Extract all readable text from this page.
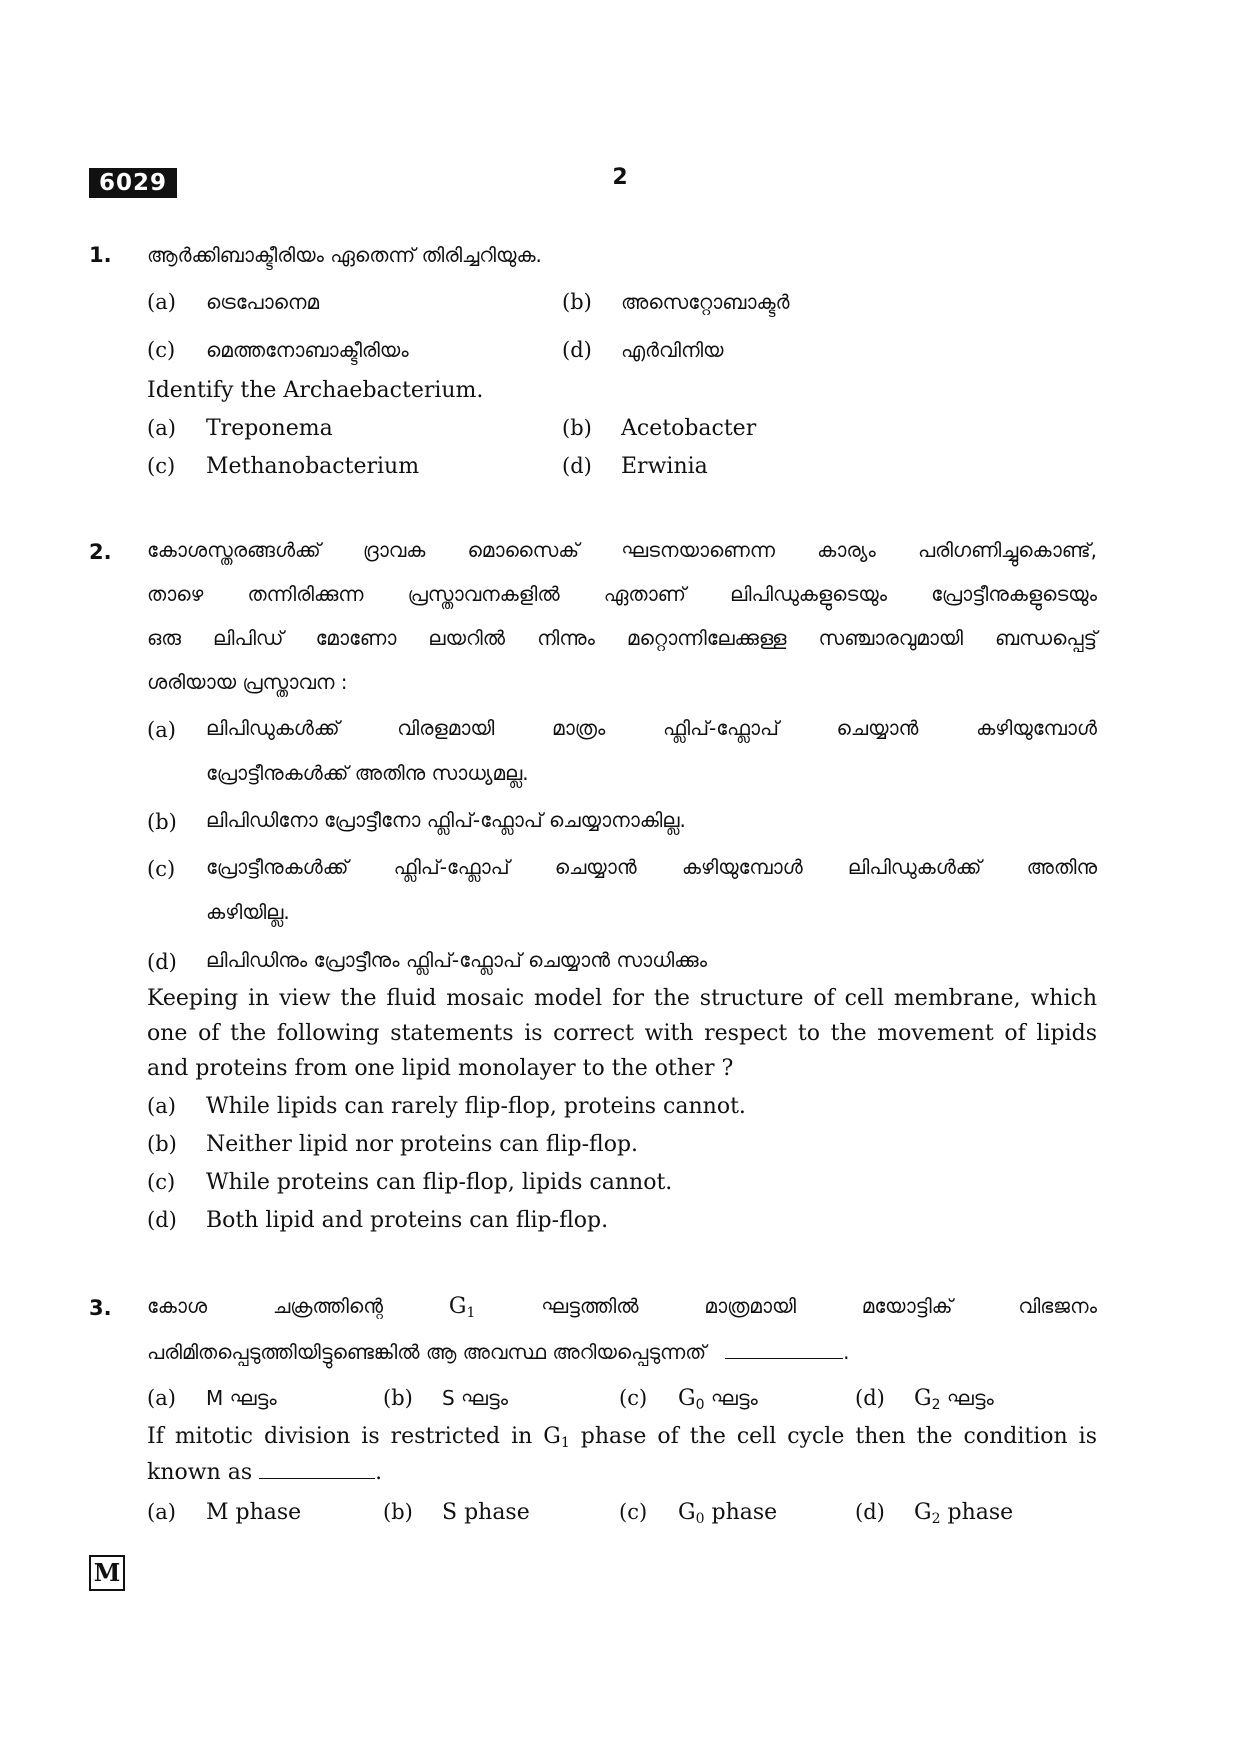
6029	2
1. ആർക്കിബാക്ടീരിയം ഏതെന്ന് തിരിച്ചറിയുക.
(a) ട്രെപോനെമ	(b) അസെറ്റോബാക്ടർ
(c) മെത്തനോബാക്ടീരിയം	(d) എർവിനിയ
Identify the Archaebacterium.
(a) Treponema	(b) Acetobacter
(c) Methanobacterium	(d) Erwinia
2. കോശസ്തരങ്ങൾക്ക് ദ്രാവക മൊസൈക് ഘടനയാണെന്ന കാര്യം പരിഗണിച്ചുകൊണ്ട്,
താഴെ തന്നിരിക്കുന്ന പ്രസ്താവനകളിൽ ഏതാണ് ലിപിഡുകളുടെയും പ്രോട്ടീനുകളുടെയും
ഒരു ലിപിഡ് മോണോ ലയറിൽ നിന്നും മറ്റൊന്നിലേക്കുള്ള സഞ്ചാരവുമായി ബന്ധപ്പെട്ട്
ശരിയായ പ്രസ്താവന :
(a) ലിപിഡുകൾക്ക് വിരളമായി മാത്രം ഫ്ലിപ്-ഫ്ലോപ് ചെയ്യാൻ കഴിയുമ്പോൾ
പ്രോട്ടീനുകൾക്ക് അതിനു സാധ്യമല്ല.
(b) ലിപിഡിനോ പ്രോട്ടീനോ ഫ്ലിപ്-ഫ്ലോപ് ചെയ്യാനാകില്ല.
(c) പ്രോട്ടീനുകൾക്ക് ഫ്ലിപ്-ഫ്ലോപ് ചെയ്യാൻ കഴിയുമ്പോൾ ലിപിഡുകൾക്ക് അതിനു
കഴിയില്ല.
(d) ലിപിഡിനും പ്രോട്ടീനും ഫ്ലിപ്-ഫ്ലോപ് ചെയ്യാൻ സാധിക്കും
Keeping in view the fluid mosaic model for the structure of cell membrane, which
one of the following statements is correct with respect to the movement of lipids
and proteins from one lipid monolayer to the other ?
(a) While lipids can rarely flip-flop, proteins cannot.
(b) Neither lipid nor proteins can flip-flop.
(c) While proteins can flip-flop, lipids cannot.
(d) Both lipid and proteins can flip-flop.
3. കോശ	ചക്രത്തിന്റെ	$G_1$	ഘട്ടത്തിൽ	മാത്രമായി	മയോട്ടിക്	വിഭജനം
പരിമിതപ്പെടുത്തിയിട്ടുണ്ടെങ്കിൽ ആ അവസ്ഥ അറിയപ്പെടുന്നത്	.
(a) M ഘട്ടം	(b) S ഘട്ടം	(c) $G_0$ ഘട്ടം	(d) $G_2$ ഘട്ടം
If mitotic division is restricted in $G_1$ phase of the cell cycle then the condition is
known as	.
(a) M phase	(b) S phase	(c) $G_0$ phase	(d) $G_2$ phase
M
